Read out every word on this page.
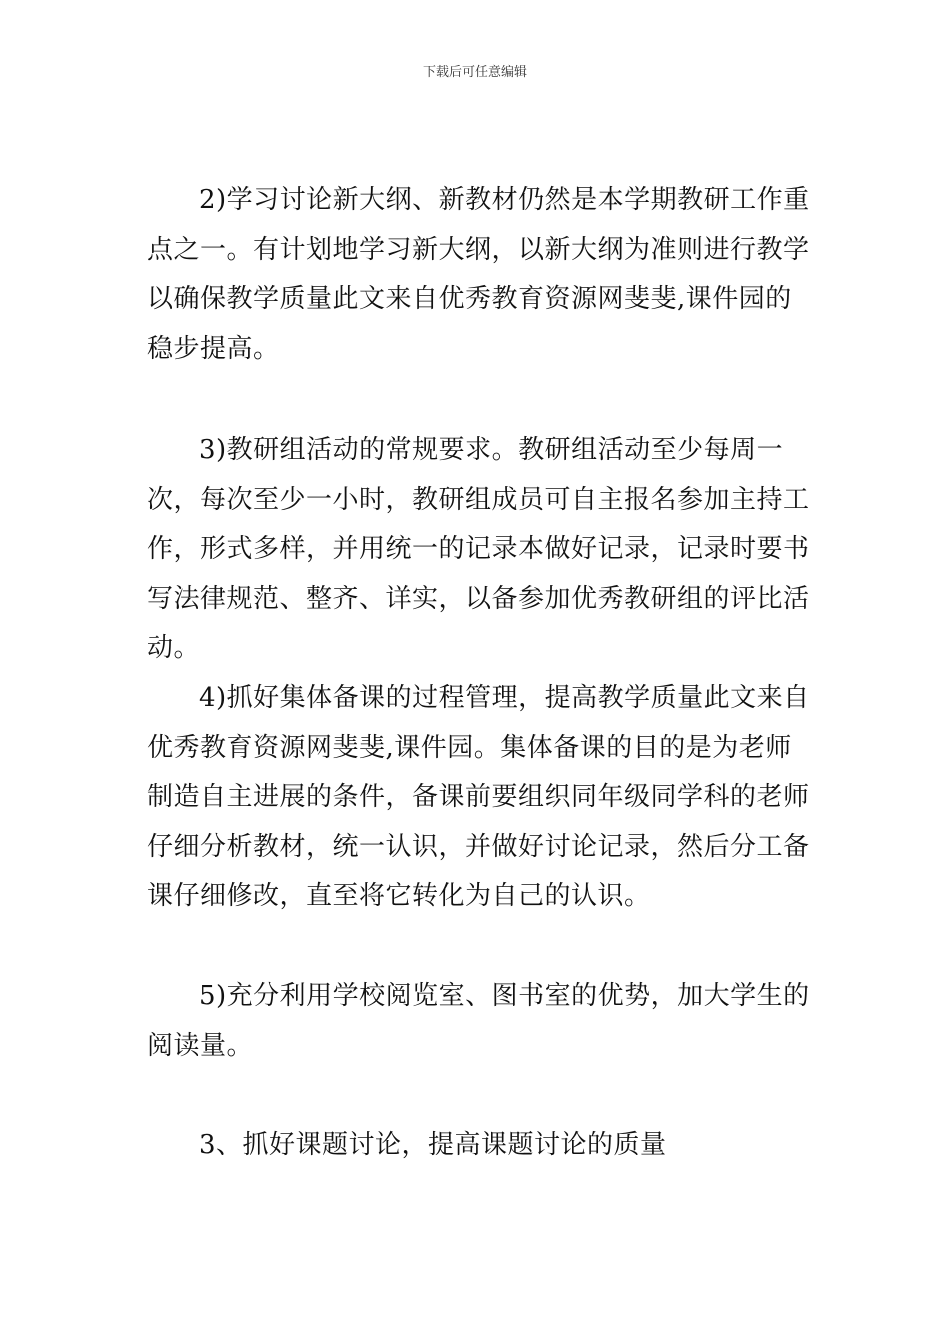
下载后可任意编辑

2)学习讨论新大纲、新教材仍然是本学期教研工作重点之一。有计划地学习新大纲，以新大纲为准则进行教学以确保教学质量此文来自优秀教育资源网斐斐,课件园的稳步提高。

3)教研组活动的常规要求。教研组活动至少每周一次，每次至少一小时，教研组成员可自主报名参加主持工作，形式多样，并用统一的记录本做好记录，记录时要书写法律规范、整齐、详实，以备参加优秀教研组的评比活动。

4)抓好集体备课的过程管理，提高教学质量此文来自优秀教育资源网斐斐,课件园。集体备课的目的是为老师制造自主进展的条件，备课前要组织同年级同学科的老师仔细分析教材，统一认识，并做好讨论记录，然后分工备课仔细修改，直至将它转化为自己的认识。

5)充分利用学校阅览室、图书室的优势，加大学生的阅读量。

3、抓好课题讨论，提高课题讨论的质量
